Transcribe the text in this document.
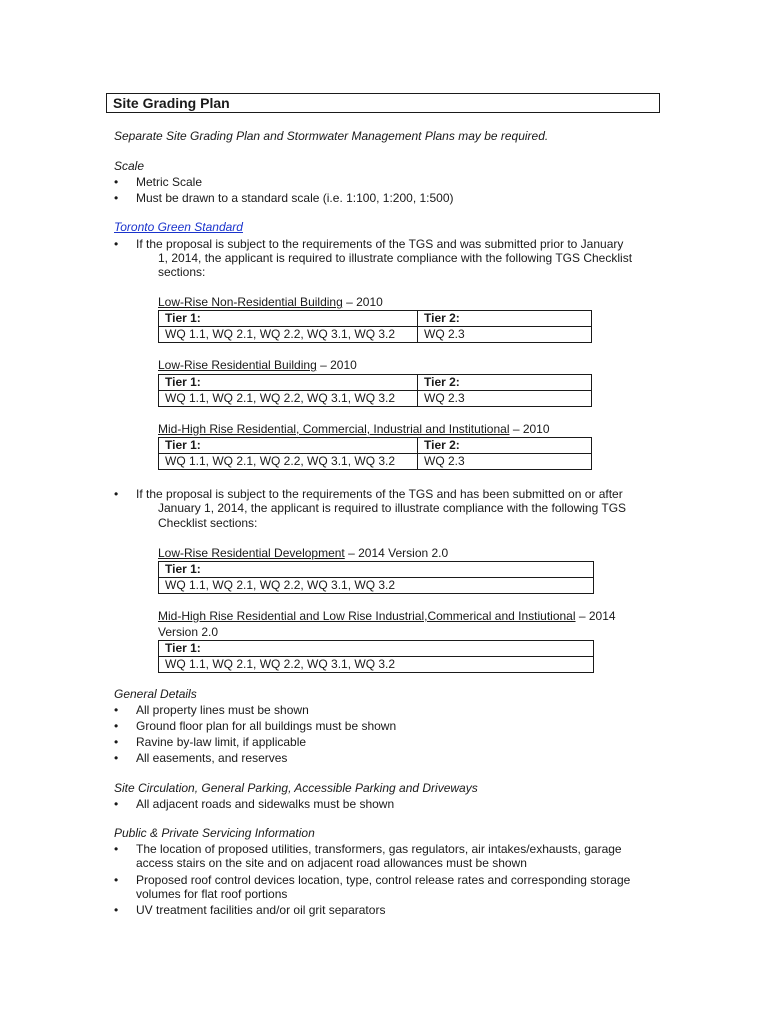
Site Grading Plan
Separate Site Grading Plan and Stormwater Management Plans may be required.
Scale
• Metric Scale
• Must be drawn to a standard scale (i.e. 1:100, 1:200, 1:500)
Toronto Green Standard
• If the proposal is subject to the requirements of the TGS and was submitted prior to January
1, 2014, the applicant is required to illustrate compliance with the following TGS Checklist
sections:
Low-Rise Non-Residential Building – 2010
Tier 1:	Tier 2:
WQ 1.1, WQ 2.1, WQ 2.2, WQ 3.1, WQ 3.2	WQ 2.3
Low-Rise Residential Building – 2010
Tier 1:	Tier 2:
WQ 1.1, WQ 2.1, WQ 2.2, WQ 3.1, WQ 3.2	WQ 2.3
Mid-High Rise Residential, Commercial, Industrial and Institutional – 2010
Tier 1:	Tier 2:
WQ 1.1, WQ 2.1, WQ 2.2, WQ 3.1, WQ 3.2	WQ 2.3
• If the proposal is subject to the requirements of the TGS and has been submitted on or after
January 1, 2014, the applicant is required to illustrate compliance with the following TGS
Checklist sections:
Low-Rise Residential Development – 2014 Version 2.0
Tier 1:
WQ 1.1, WQ 2.1, WQ 2.2, WQ 3.1, WQ 3.2
Mid-High Rise Residential and Low Rise Industrial,Commerical and Instiutional – 2014
Version 2.0
Tier 1:
WQ 1.1, WQ 2.1, WQ 2.2, WQ 3.1, WQ 3.2
General Details
• All property lines must be shown
• Ground floor plan for all buildings must be shown
• Ravine by-law limit, if applicable
• All easements, and reserves
Site Circulation, General Parking, Accessible Parking and Driveways
• All adjacent roads and sidewalks must be shown
Public & Private Servicing Information
• The location of proposed utilities, transformers, gas regulators, air intakes/exhausts, garage
access stairs on the site and on adjacent road allowances must be shown
• Proposed roof control devices location, type, control release rates and corresponding storage
volumes for flat roof portions
• UV treatment facilities and/or oil grit separators
